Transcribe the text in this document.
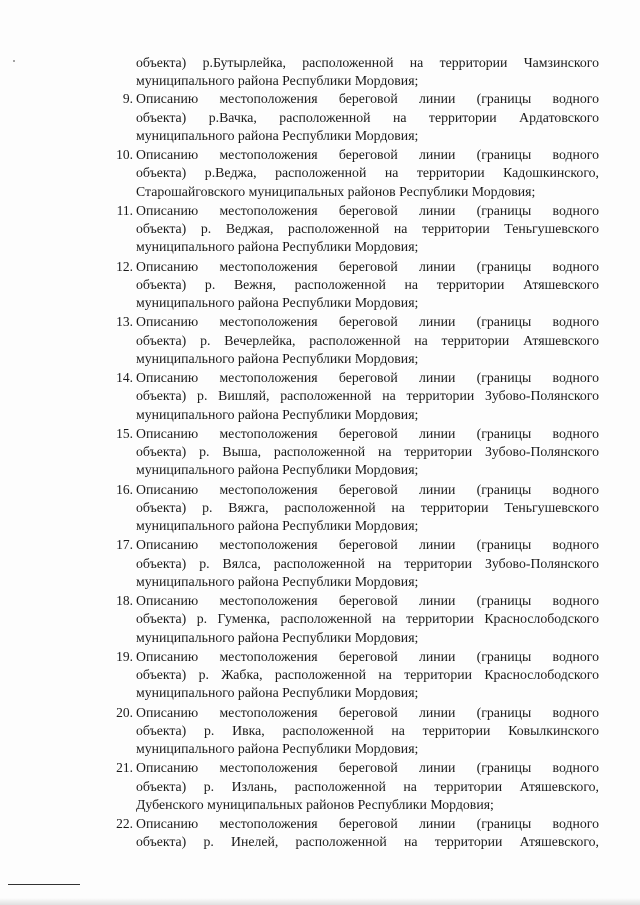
объекта) р.Бутырлейка, расположенной на территории Чамзинского
муниципального района Республики Мордовия;
9. Описанию местоположения береговой линии (границы водного
объекта) р.Вачка, расположенной на территории Ардатовского
муниципального района Республики Мордовия;
10. Описанию местоположения береговой линии (границы водного
объекта) р.Вeджа, расположенной на территории Кадошкинского,
Старошайговского муниципальных районов Республики Мордовия;
11. Описанию местоположения береговой линии (границы водного
объекта) р. Веджая, расположенной на территории Теньгушевского
муниципального района Республики Мордовия;
12. Описанию местоположения береговой линии (границы водного
объекта) р. Вежня, расположенной на территории Атяшевского
муниципального района Республики Мордовия;
13. Описанию местоположения береговой линии (границы водного
объекта) р. Вечерлейка, расположенной на территории Атяшевского
муниципального района Республики Мордовия;
14. Описанию местоположения береговой линии (границы водного
объекта) р. Вишляй, расположенной на территории Зубово-Полянского
муниципального района Республики Мордовия;
15. Описанию местоположения береговой линии (границы водного
объекта) р. Выша, расположенной на территории Зубово-Полянского
муниципального района Республики Мордовия;
16. Описанию местоположения береговой линии (границы водного
объекта) р. Вяжга, расположенной на территории Теньгушевского
муниципального района Республики Мордовия;
17. Описанию местоположения береговой линии (границы водного
объекта) р. Вялса, расположенной на территории Зубово-Полянского
муниципального района Республики Мордовия;
18. Описанию местоположения береговой линии (границы водного
объекта) р. Гуменка, расположенной на территории Краснослободского
муниципального района Республики Мордовия;
19. Описанию местоположения береговой линии (границы водного
объекта) р. Жабка, расположенной на территории Краснослободского
муниципального района Республики Мордовия;
20. Описанию местоположения береговой линии (границы водного
объекта) р. Ивка, расположенной на территории Ковылкинского
муниципального района Республики Мордовия;
21. Описанию местоположения береговой линии (границы водного
объекта) р. Излань, расположенной на территории Атяшевского,
Дубенского муниципальных районов Республики Мордовия;
22. Описанию местоположения береговой линии (границы водного
объекта) р. Инелей, расположенной на территории Атяшевского,
